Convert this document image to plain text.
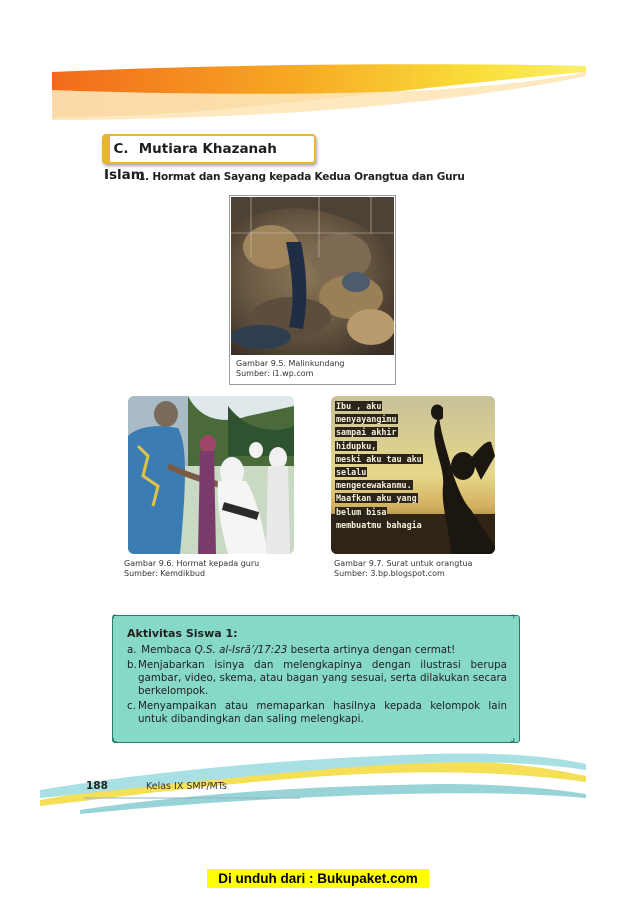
C. Mutiara Khazanah Islam
1. Hormat dan Sayang kepada Kedua Orangtua dan Guru
Gambar 9.5. Malinkundang
Sumber: i1.wp.com
Ibu , aku
menyayangimu
sampai akhir
hidupku,
meski aku tau aku
selalu
mengecewakanmu.
Maafkan aku yang
belum bisa
membuatmu bahagia
Gambar 9.6. Hormat kepada guru
Sumber: Kemdikbud
Gambar 9.7. Surat untuk orangtua
Sumber: 3.bp.blogspot.com
⌜	⌝
⌞	⌟
Aktivitas Siswa 1:
a. Membaca Q.S. al-Isrā’/17:23 beserta artinya dengan cermat!
b. Menjabarkan isinya dan melengkapinya dengan ilustrasi berupa gambar, video, skema, atau bagan yang sesuai, serta dilakukan secara berkelompok.
c. Menyampaikan atau memaparkan hasilnya kepada kelompok lain untuk dibandingkan dan saling melengkapi.
188	Kelas IX SMP/MTs
Di unduh dari : Bukupaket.com
